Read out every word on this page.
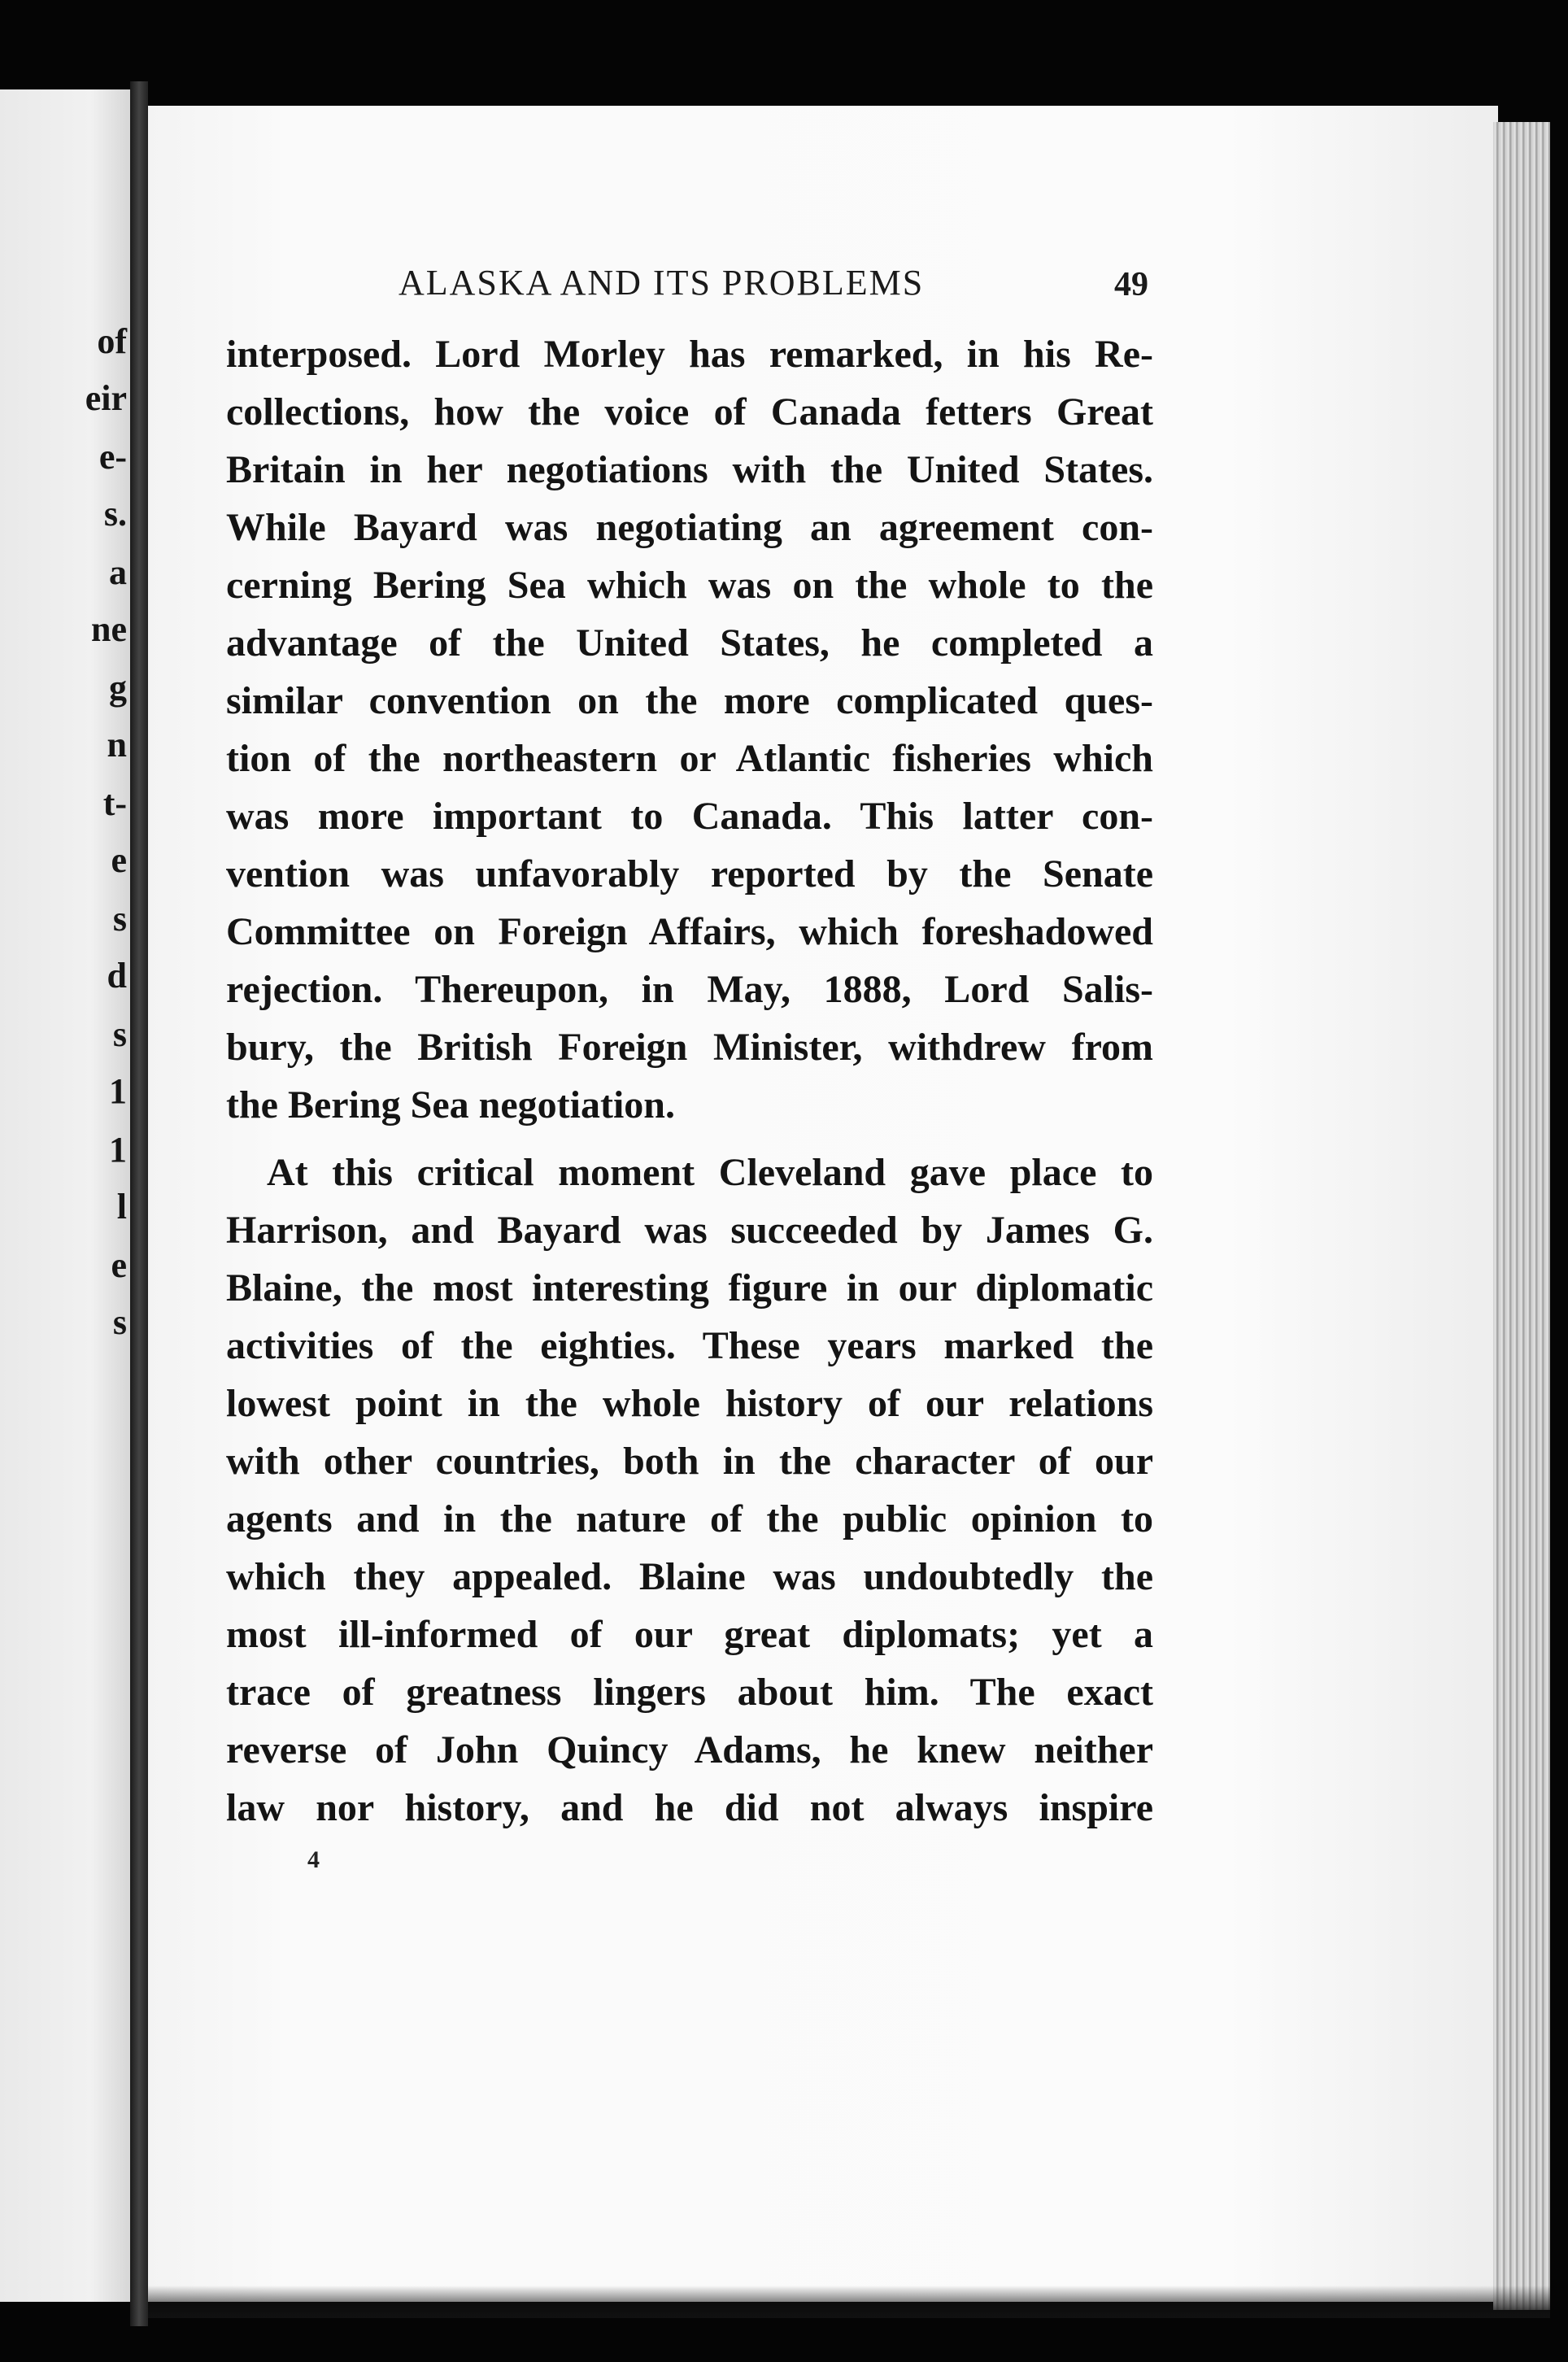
of
eir
e-
s.
a
ne
g
n
t-
e
s
d
s
1
1
l
e
s
ALASKA AND ITS PROBLEMS	49
interposed. Lord Morley has remarked, in his Re-
collections, how the voice of Canada fetters Great
Britain in her negotiations with the United States.
While Bayard was negotiating an agreement con-
cerning Bering Sea which was on the whole to the
advantage of the United States, he completed a
similar convention on the more complicated ques-
tion of the northeastern or Atlantic fisheries which
was more important to Canada. This latter con-
vention was unfavorably reported by the Senate
Committee on Foreign Affairs, which foreshadowed
rejection. Thereupon, in May, 1888, Lord Salis-
bury, the British Foreign Minister, withdrew from
the Bering Sea negotiation.
At this critical moment Cleveland gave place to
Harrison, and Bayard was succeeded by James G.
Blaine, the most interesting figure in our diplomatic
activities of the eighties. These years marked the
lowest point in the whole history of our relations
with other countries, both in the character of our
agents and in the nature of the public opinion to
which they appealed. Blaine was undoubtedly the
most ill-informed of our great diplomats; yet a
trace of greatness lingers about him. The exact
reverse of John Quincy Adams, he knew neither
law nor history, and he did not always inspire
4
